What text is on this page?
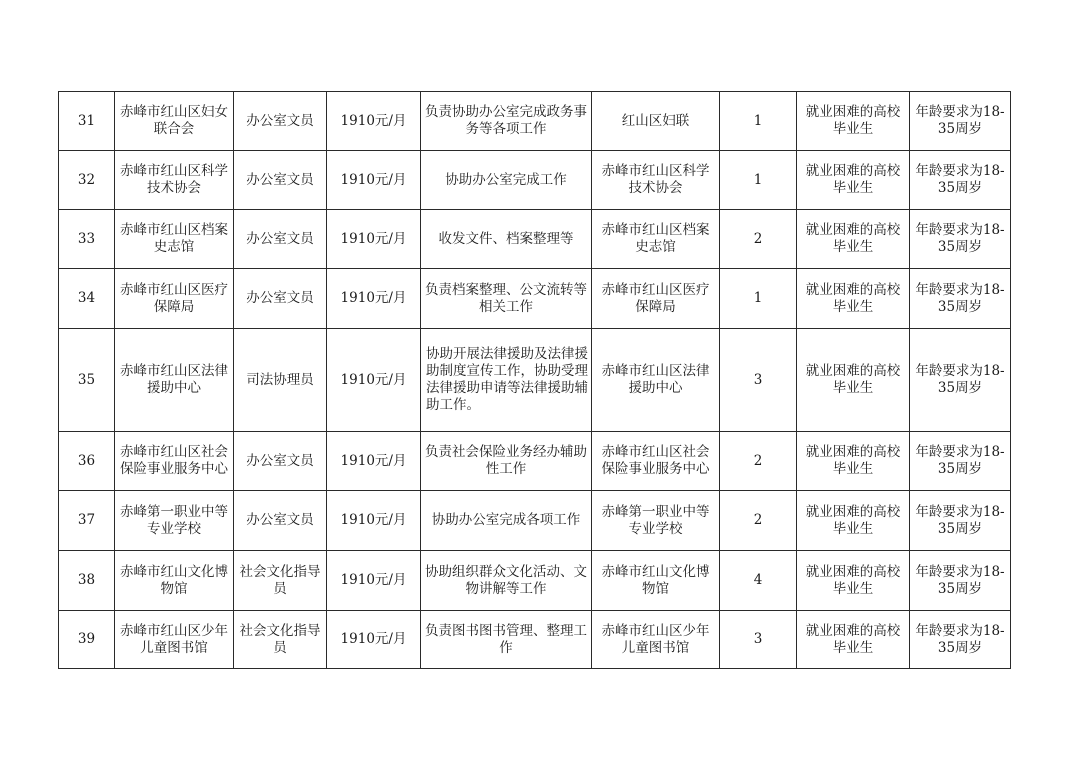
31	赤峰市红山区妇女联合会	办公室文员	1910元/月	负责协助办公室完成政务事务等各项工作	红山区妇联	1	就业困难的高校毕业生	年龄要求为18-35周岁
32	赤峰市红山区科学技术协会	办公室文员	1910元/月	协助办公室完成工作	赤峰市红山区科学技术协会	1	就业困难的高校毕业生	年龄要求为18-35周岁
33	赤峰市红山区档案史志馆	办公室文员	1910元/月	收发文件、档案整理等	赤峰市红山区档案史志馆	2	就业困难的高校毕业生	年龄要求为18-35周岁
34	赤峰市红山区医疗保障局	办公室文员	1910元/月	负责档案整理、公文流转等相关工作	赤峰市红山区医疗保障局	1	就业困难的高校毕业生	年龄要求为18-35周岁
35	赤峰市红山区法律援助中心	司法协理员	1910元/月	协助开展法律援助及法律援助制度宣传工作，协助受理法律援助申请等法律援助辅助工作。	赤峰市红山区法律援助中心	3	就业困难的高校毕业生	年龄要求为18-35周岁
36	赤峰市红山区社会保险事业服务中心	办公室文员	1910元/月	负责社会保险业务经办辅助性工作	赤峰市红山区社会保险事业服务中心	2	就业困难的高校毕业生	年龄要求为18-35周岁
37	赤峰第一职业中等专业学校	办公室文员	1910元/月	协助办公室完成各项工作	赤峰第一职业中等专业学校	2	就业困难的高校毕业生	年龄要求为18-35周岁
38	赤峰市红山文化博物馆	社会文化指导员	1910元/月	协助组织群众文化活动、文物讲解等工作	赤峰市红山文化博物馆	4	就业困难的高校毕业生	年龄要求为18-35周岁
39	赤峰市红山区少年儿童图书馆	社会文化指导员	1910元/月	负责图书图书管理、整理工作	赤峰市红山区少年儿童图书馆	3	就业困难的高校毕业生	年龄要求为18-35周岁
